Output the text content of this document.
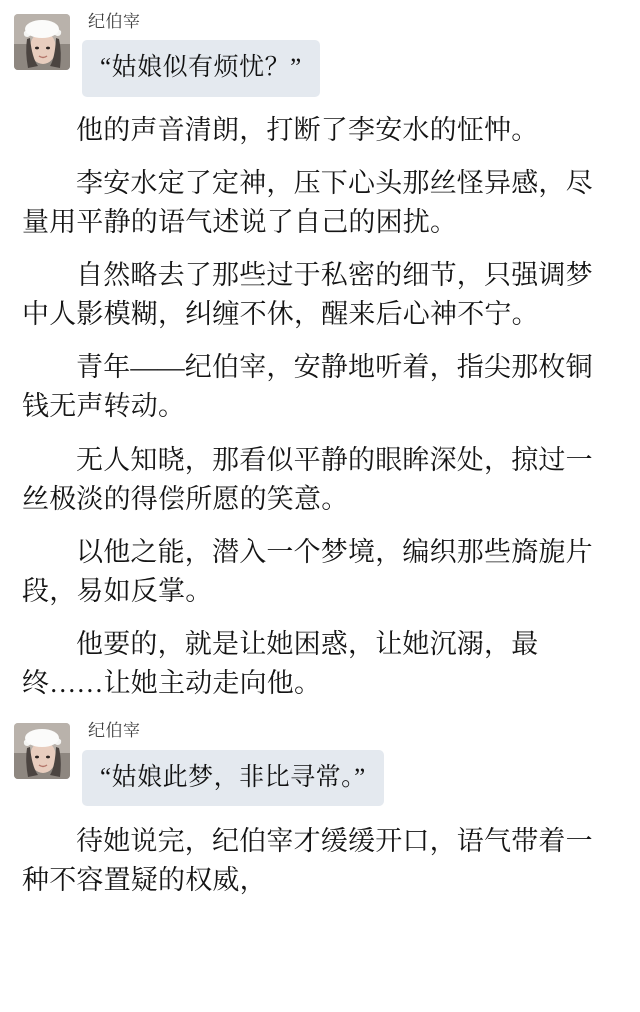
纪伯宰
“姑娘似有烦忧？”

他的声音清朗，打断了李安水的怔忡。

李安水定了定神，压下心头那丝怪异感，尽量用平静的语气述说了自己的困扰。

自然略去了那些过于私密的细节，只强调梦中人影模糊，纠缠不休，醒来后心神不宁。

青年——纪伯宰，安静地听着，指尖那枚铜钱无声转动。

无人知晓，那看似平静的眼眸深处，掠过一丝极淡的得偿所愿的笑意。

以他之能，潜入一个梦境，编织那些旖旎片段，易如反掌。

他要的，就是让她困惑，让她沉溺，最终……让她主动走向他。

纪伯宰
“姑娘此梦，非比寻常。”

待她说完，纪伯宰才缓缓开口，语气带着一种不容置疑的权威，
